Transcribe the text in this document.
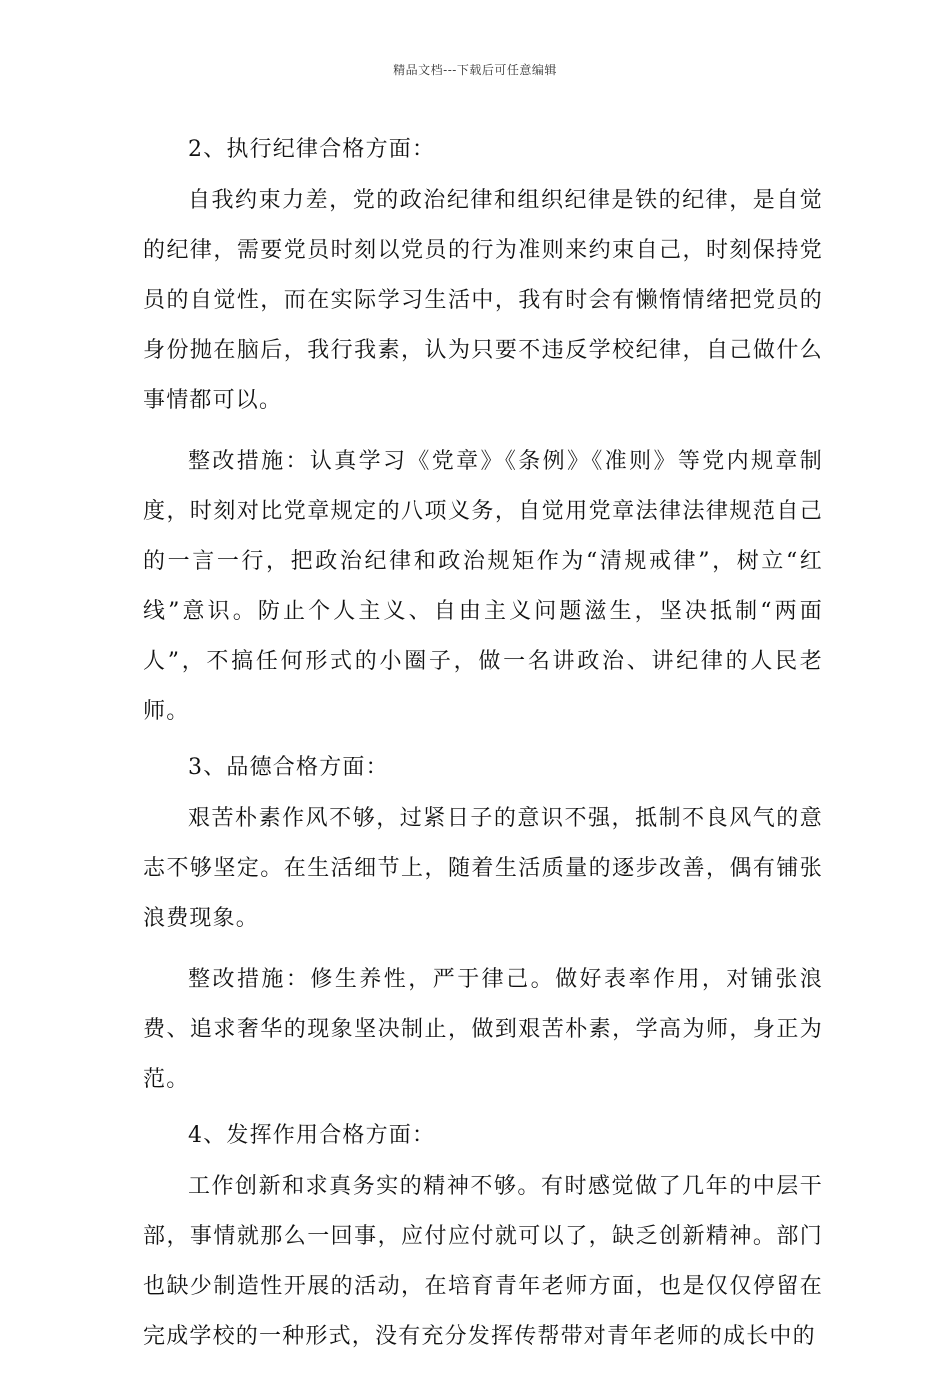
精品文档---下载后可任意编辑

2、执行纪律合格方面：

自我约束力差，党的政治纪律和组织纪律是铁的纪律，是自觉的纪律，需要党员时刻以党员的行为准则来约束自己，时刻保持党员的自觉性，而在实际学习生活中，我有时会有懒惰情绪把党员的身份抛在脑后，我行我素，认为只要不违反学校纪律，自己做什么事情都可以。

整改措施：认真学习《党章》《条例》《准则》等党内规章制度，时刻对比党章规定的八项义务，自觉用党章法律法律规范自己的一言一行，把政治纪律和政治规矩作为“清规戒律”，树立“红线”意识。防止个人主义、自由主义问题滋生，坚决抵制“两面人”，不搞任何形式的小圈子，做一名讲政治、讲纪律的人民老师。

3、品德合格方面：

艰苦朴素作风不够，过紧日子的意识不强，抵制不良风气的意志不够坚定。在生活细节上，随着生活质量的逐步改善，偶有铺张浪费现象。

整改措施：修生养性，严于律己。做好表率作用，对铺张浪费、追求奢华的现象坚决制止，做到艰苦朴素，学高为师，身正为范。

4、发挥作用合格方面：

工作创新和求真务实的精神不够。有时感觉做了几年的中层干部，事情就那么一回事，应付应付就可以了，缺乏创新精神。部门也缺少制造性开展的活动，在培育青年老师方面，也是仅仅停留在完成学校的一种形式，没有充分发挥传帮带对青年老师的成长中的
